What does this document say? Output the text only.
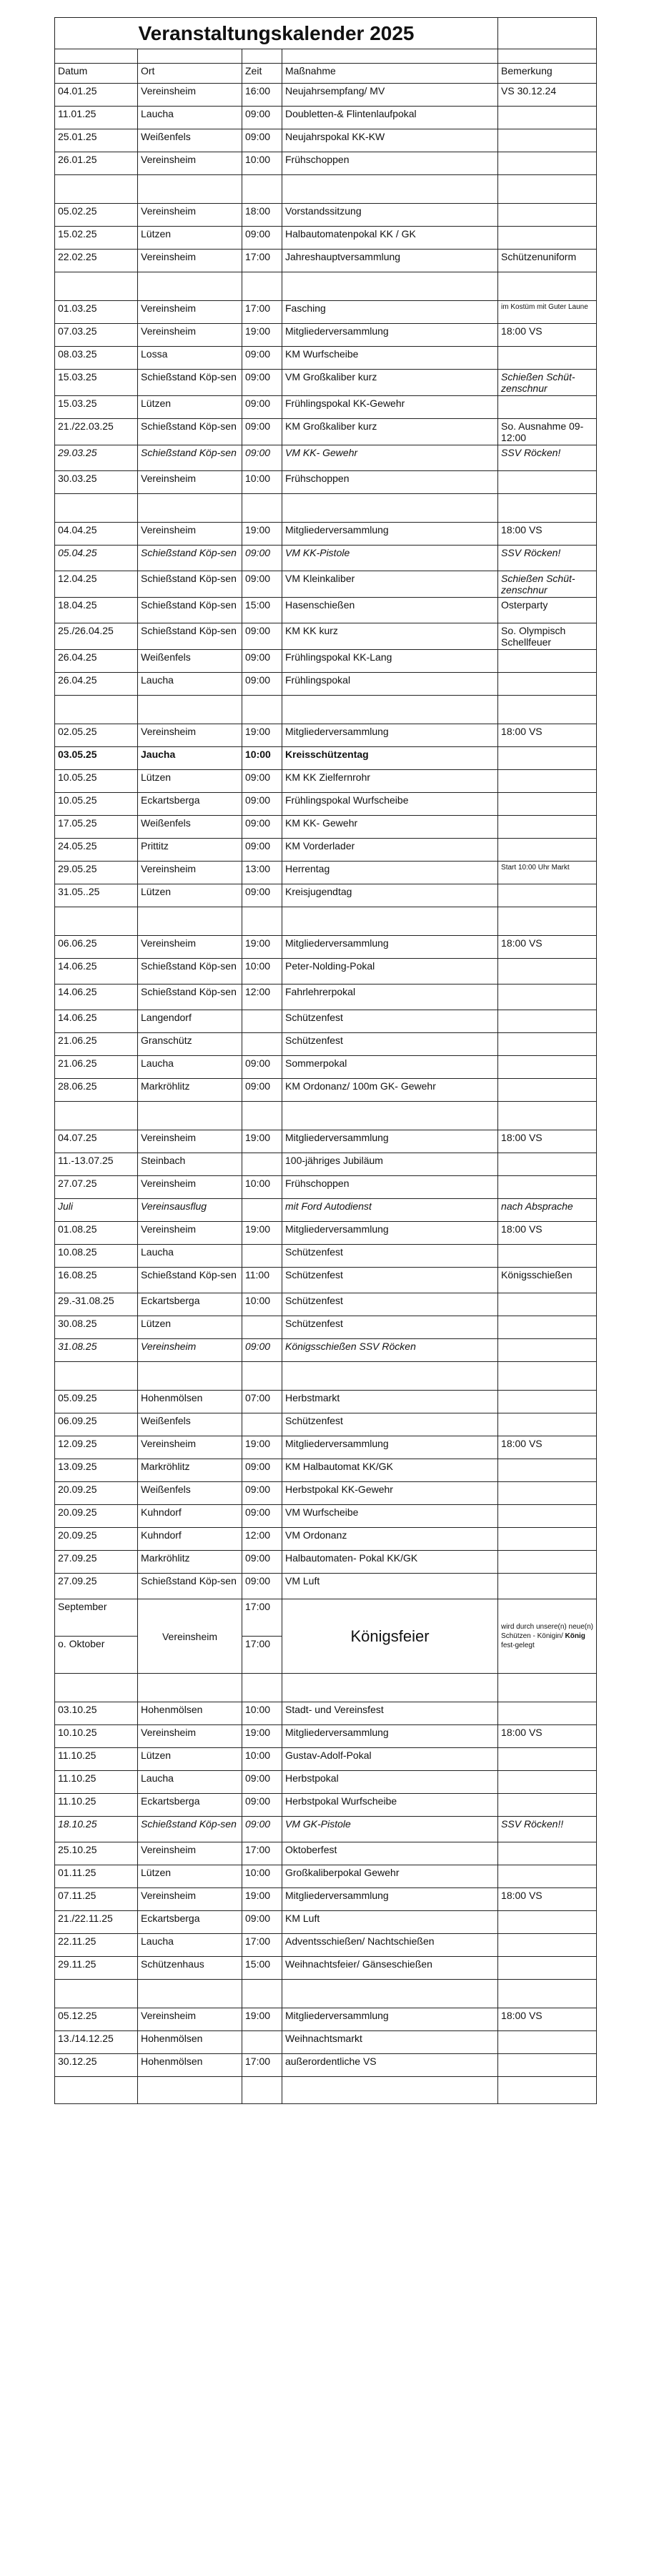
Veranstaltungskalender 2025				

Datum	Ort	Zeit	Maßnahme	Bemerkung
04.01.25	Vereinsheim	16:00	Neujahrsempfang/ MV	VS 30.12.24
11.01.25	Laucha	09:00	Doubletten-& Flintenlaufpokal	
25.01.25	Weißenfels	09:00	Neujahrspokal KK-KW	
26.01.25	Vereinsheim	10:00	Frühschoppen	

05.02.25	Vereinsheim	18:00	Vorstandssitzung	
15.02.25	Lützen	09:00	Halbautomatenpokal KK / GK	
22.02.25	Vereinsheim	17:00	Jahreshauptversammlung	Schützenuniform

01.03.25	Vereinsheim	17:00	Fasching	im Kostüm mit Guter Laune
07.03.25	Vereinsheim	19:00	Mitgliederversammlung	18:00 VS
08.03.25	Lossa	09:00	KM Wurfscheibe	
15.03.25	Schießstand Köp-sen	09:00	VM Großkaliber kurz	Schießen Schüt-zenschnur
15.03.25	Lützen	09:00	Frühlingspokal KK-Gewehr	
21./22.03.25	Schießstand Köp-sen	09:00	KM Großkaliber kurz	So. Ausnahme 09-12:00
29.03.25	Schießstand Köp-sen	09:00	VM KK- Gewehr	SSV Röcken!
30.03.25	Vereinsheim	10:00	Frühschoppen	

04.04.25	Vereinsheim	19:00	Mitgliederversammlung	18:00 VS
05.04.25	Schießstand Köp-sen	09:00	VM KK-Pistole	SSV Röcken!
12.04.25	Schießstand Köp-sen	09:00	VM Kleinkaliber	Schießen Schüt-zenschnur
18.04.25	Schießstand Köp-sen	15:00	Hasenschießen	Osterparty
25./26.04.25	Schießstand Köp-sen	09:00	KM KK kurz	So. Olympisch Schellfeuer
26.04.25	Weißenfels	09:00	Frühlingspokal KK-Lang	
26.04.25	Laucha	09:00	Frühlingspokal	

02.05.25	Vereinsheim	19:00	Mitgliederversammlung	18:00 VS
03.05.25	Jaucha	10:00	Kreisschützentag	
10.05.25	Lützen	09:00	KM KK Zielfernrohr	
10.05.25	Eckartsberga	09:00	Frühlingspokal Wurfscheibe	
17.05.25	Weißenfels	09:00	KM KK- Gewehr	
24.05.25	Prittitz	09:00	KM Vorderlader	
29.05.25	Vereinsheim	13:00	Herrentag	Start 10:00 Uhr Markt
31.05..25	Lützen	09:00	Kreisjugendtag	

06.06.25	Vereinsheim	19:00	Mitgliederversammlung	18:00 VS
14.06.25	Schießstand Köp-sen	10:00	Peter-Nolding-Pokal	
14.06.25	Schießstand Köp-sen	12:00	Fahrlehrerpokal	
14.06.25	Langendorf		Schützenfest	
21.06.25	Granschütz		Schützenfest	
21.06.25	Laucha	09:00	Sommerpokal	
28.06.25	Markröhlitz	09:00	KM Ordonanz/ 100m GK- Gewehr	

04.07.25	Vereinsheim	19:00	Mitgliederversammlung	18:00 VS
11.-13.07.25	Steinbach		100-jähriges Jubiläum	
27.07.25	Vereinsheim	10:00	Frühschoppen	
Juli	Vereinsausflug		mit Ford Autodienst	nach Absprache
01.08.25	Vereinsheim	19:00	Mitgliederversammlung	18:00 VS
10.08.25	Laucha		Schützenfest	
16.08.25	Schießstand Köp-sen	11:00	Schützenfest	Königsschießen
29.-31.08.25	Eckartsberga	10:00	Schützenfest	
30.08.25	Lützen		Schützenfest	
31.08.25	Vereinsheim	09:00	Königsschießen SSV Röcken	

05.09.25	Hohenmölsen	07:00	Herbstmarkt	
06.09.25	Weißenfels		Schützenfest	
12.09.25	Vereinsheim	19:00	Mitgliederversammlung	18:00 VS
13.09.25	Markröhlitz	09:00	KM Halbautomat KK/GK	
20.09.25	Weißenfels	09:00	Herbstpokal KK-Gewehr	
20.09.25	Kuhndorf	09:00	VM Wurfscheibe	
20.09.25	Kuhndorf	12:00	VM Ordonanz	
27.09.25	Markröhlitz	09:00	Halbautomaten- Pokal KK/GK	
27.09.25	Schießstand Köp-sen	09:00	VM Luft	
September	Vereinsheim	17:00	Königsfeier	wird durch unsere(n) neue(n) Schützen - Königin/ König fest-gelegt
o. Oktober		17:00		

03.10.25	Hohenmölsen	10:00	Stadt- und Vereinsfest	
10.10.25	Vereinsheim	19:00	Mitgliederversammlung	18:00 VS
11.10.25	Lützen	10:00	Gustav-Adolf-Pokal	
11.10.25	Laucha	09:00	Herbstpokal	
11.10.25	Eckartsberga	09:00	Herbstpokal Wurfscheibe	
18.10.25	Schießstand Köp-sen	09:00	VM GK-Pistole	SSV Röcken!!
25.10.25	Vereinsheim	17:00	Oktoberfest	
01.11.25	Lützen	10:00	Großkaliberpokal Gewehr	
07.11.25	Vereinsheim	19:00	Mitgliederversammlung	18:00 VS
21./22.11.25	Eckartsberga	09:00	KM Luft	
22.11.25	Laucha	17:00	Adventsschießen/ Nachtschießen	
29.11.25	Schützenhaus	15:00	Weihnachtsfeier/ Gänseschießen	

05.12.25	Vereinsheim	19:00	Mitgliederversammlung	18:00 VS
13./14.12.25	Hohenmölsen		Weihnachtsmarkt	
30.12.25	Hohenmölsen	17:00	außerordentliche VS	
